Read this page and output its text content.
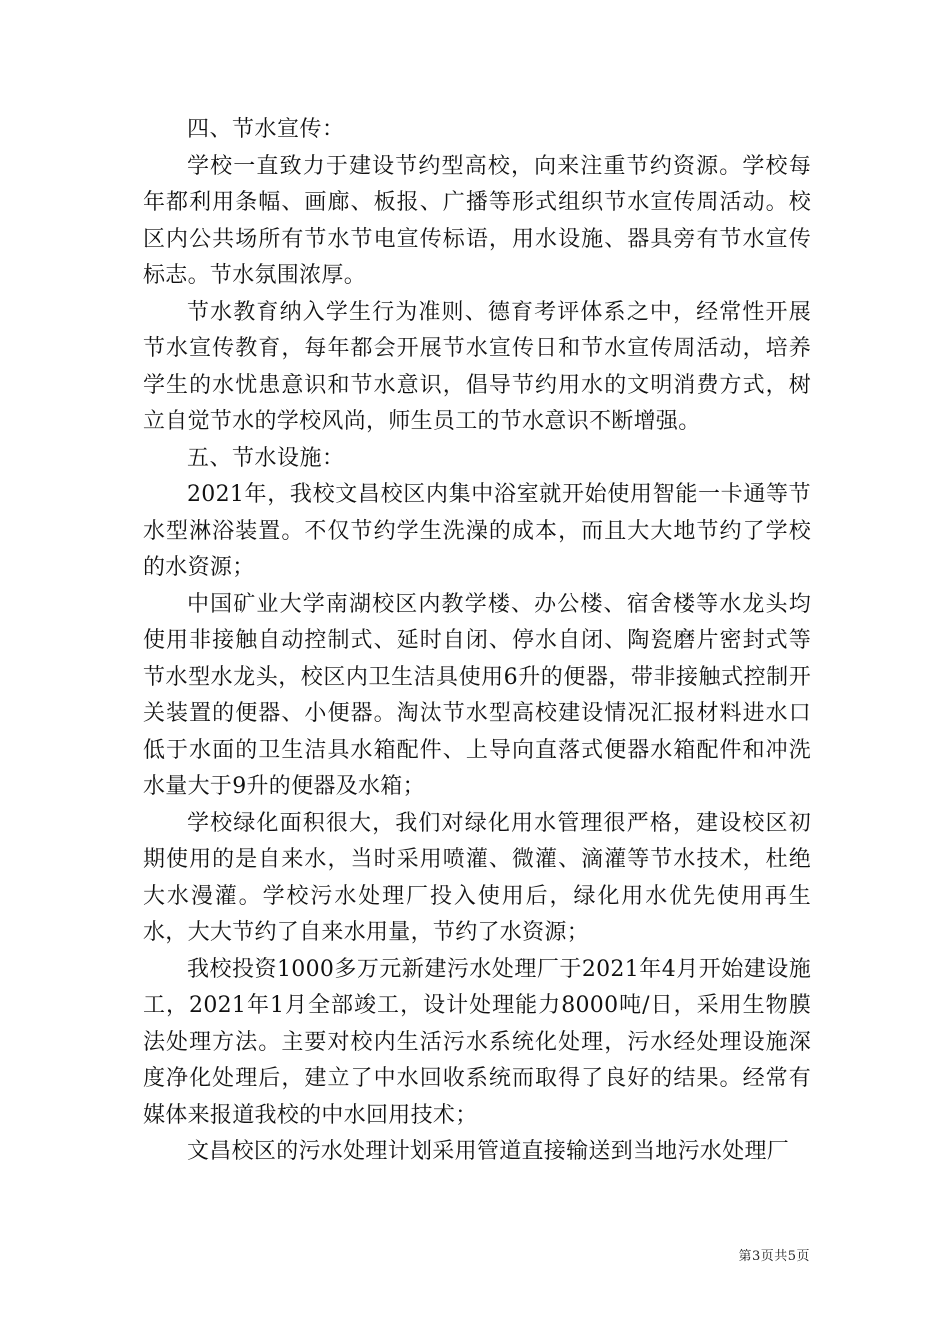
四、节水宣传：

学校一直致力于建设节约型高校，向来注重节约资源。学校每年都利用条幅、画廊、板报、广播等形式组织节水宣传周活动。校区内公共场所有节水节电宣传标语，用水设施、器具旁有节水宣传标志。节水氛围浓厚。

节水教育纳入学生行为准则、德育考评体系之中，经常性开展节水宣传教育，每年都会开展节水宣传日和节水宣传周活动，培养学生的水忧患意识和节水意识，倡导节约用水的文明消费方式，树立自觉节水的学校风尚，师生员工的节水意识不断增强。

五、节水设施：

2021年，我校文昌校区内集中浴室就开始使用智能一卡通等节水型淋浴装置。不仅节约学生洗澡的成本，而且大大地节约了学校的水资源；

中国矿业大学南湖校区内教学楼、办公楼、宿舍楼等水龙头均使用非接触自动控制式、延时自闭、停水自闭、陶瓷磨片密封式等节水型水龙头，校区内卫生洁具使用6升的便器，带非接触式控制开关装置的便器、小便器。淘汰节水型高校建设情况汇报材料进水口低于水面的卫生洁具水箱配件、上导向直落式便器水箱配件和冲洗水量大于9升的便器及水箱；

学校绿化面积很大，我们对绿化用水管理很严格，建设校区初期使用的是自来水，当时采用喷灌、微灌、滴灌等节水技术，杜绝大水漫灌。学校污水处理厂投入使用后，绿化用水优先使用再生水，大大节约了自来水用量，节约了水资源；

我校投资1000多万元新建污水处理厂于2021年4月开始建设施工，2021年1月全部竣工，设计处理能力8000吨/日，采用生物膜法处理方法。主要对校内生活污水系统化处理，污水经处理设施深度净化处理后，建立了中水回收系统而取得了良好的结果。经常有媒体来报道我校的中水回用技术；

文昌校区的污水处理计划采用管道直接输送到当地污水处理厂

第3页共5页
